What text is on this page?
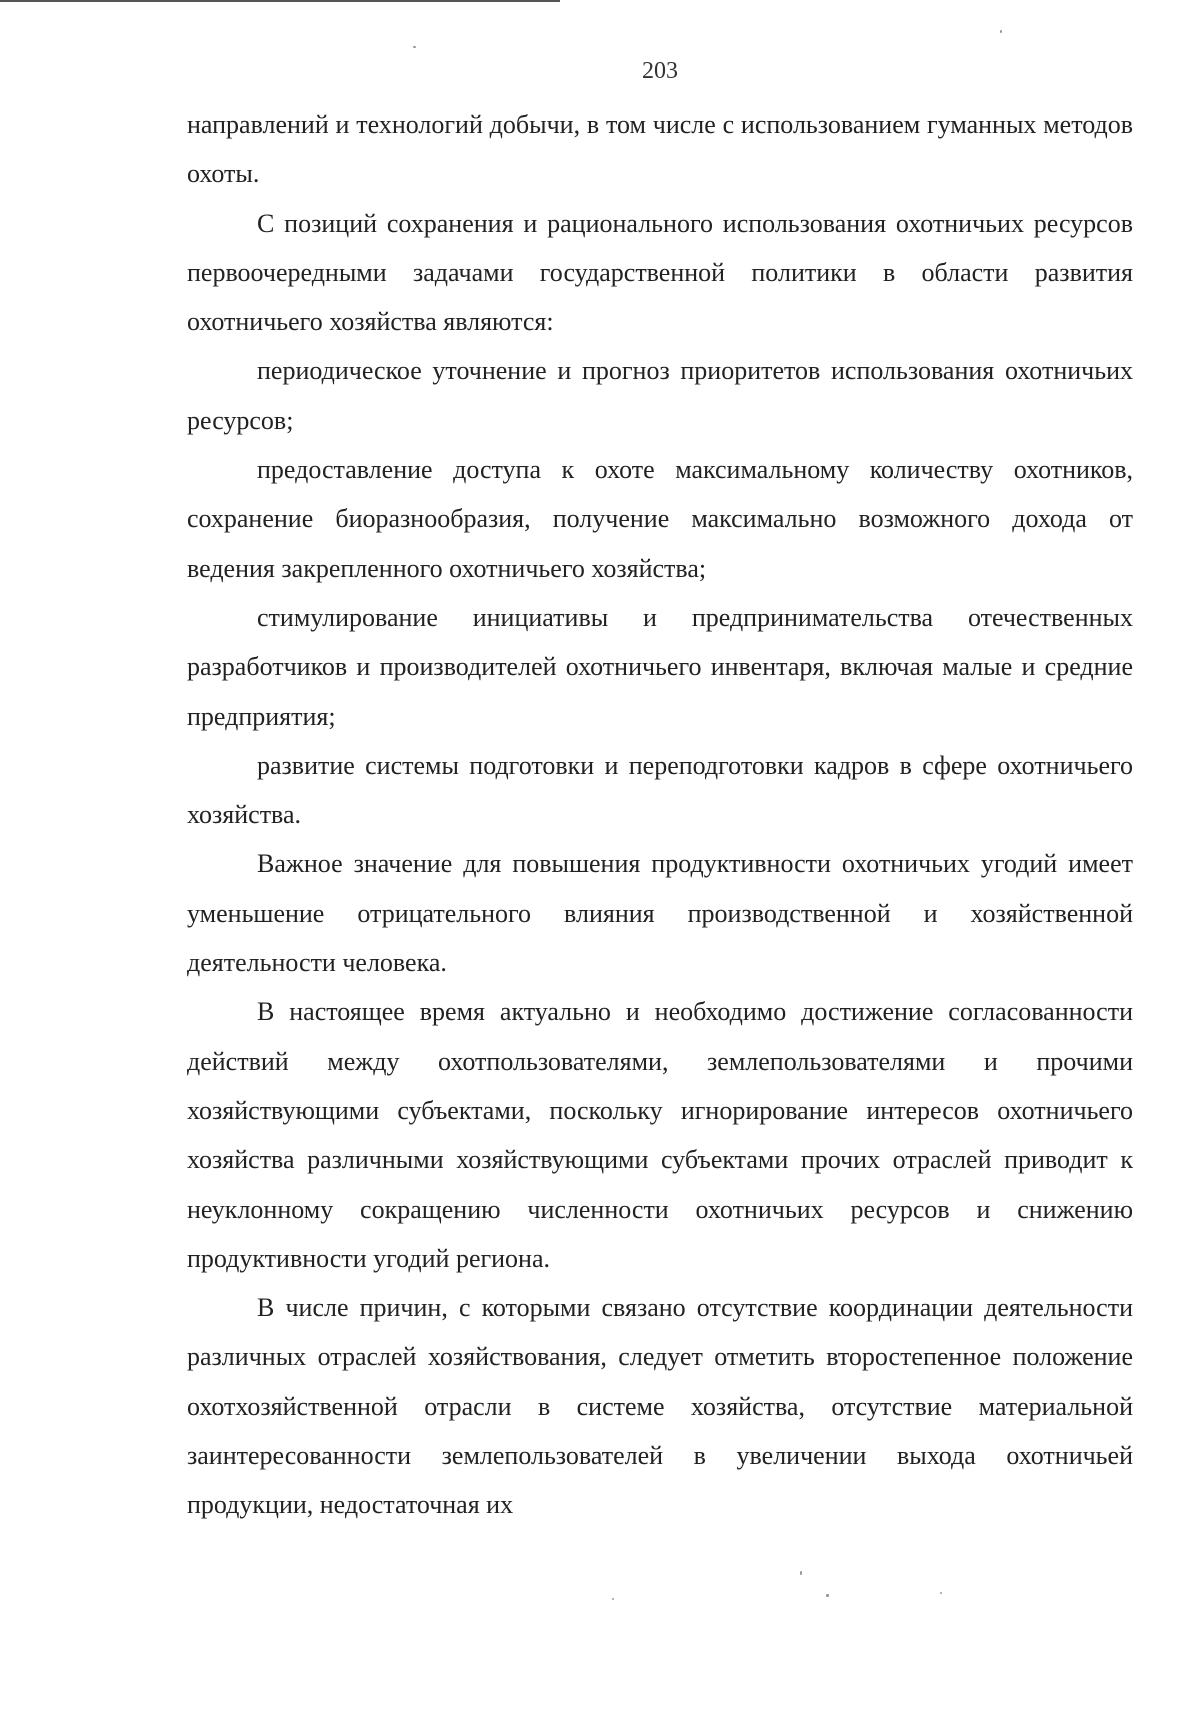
203

направлений и технологий добычи, в том числе с использованием гуманных методов охоты.

С позиций сохранения и рационального использования охотничьих ресурсов первоочередными задачами государственной политики в области развития охотничьего хозяйства являются:

периодическое уточнение и прогноз приоритетов использования охотничьих ресурсов;

предоставление доступа к охоте максимальному количеству охотников, сохранение биоразнообразия, получение максимально возможного дохода от ведения закрепленного охотничьего хозяйства;

стимулирование инициативы и предпринимательства отечественных разработчиков и производителей охотничьего инвентаря, включая малые и средние предприятия;

развитие системы подготовки и переподготовки кадров в сфере охотничьего хозяйства.

Важное значение для повышения продуктивности охотничьих угодий имеет уменьшение отрицательного влияния производственной и хозяйственной деятельности человека.

В настоящее время актуально и необходимо достижение согласованности действий между охотпользователями, землепользователями и прочими хозяйствующими субъектами, поскольку игнорирование интересов охотничьего хозяйства различными хозяйствующими субъектами прочих отраслей приводит к неуклонному сокращению численности охотничьих ресурсов и снижению продуктивности угодий региона.

В числе причин, с которыми связано отсутствие координации деятельности различных отраслей хозяйствования, следует отметить второстепенное положение охотхозяйственной отрасли в системе хозяйства, отсутствие материальной заинтересованности землепользователей в увеличении выхода охотничьей продукции, недостаточная их
